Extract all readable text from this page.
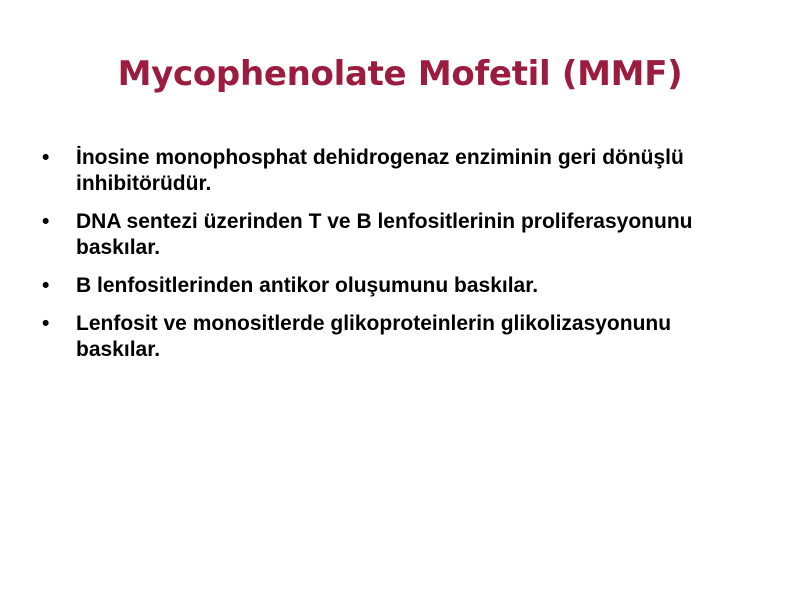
Mycophenolate Mofetil (MMF)
•	İnosine monophosphat dehidrogenaz enziminin geri dönüşlü inhibitörüdür.
•	DNA sentezi üzerinden T ve B lenfositlerinin proliferasyonunu baskılar.
•	B lenfositlerinden antikor oluşumunu baskılar.
•	Lenfosit ve monositlerde glikoproteinlerin glikolizasyonunu baskılar.
